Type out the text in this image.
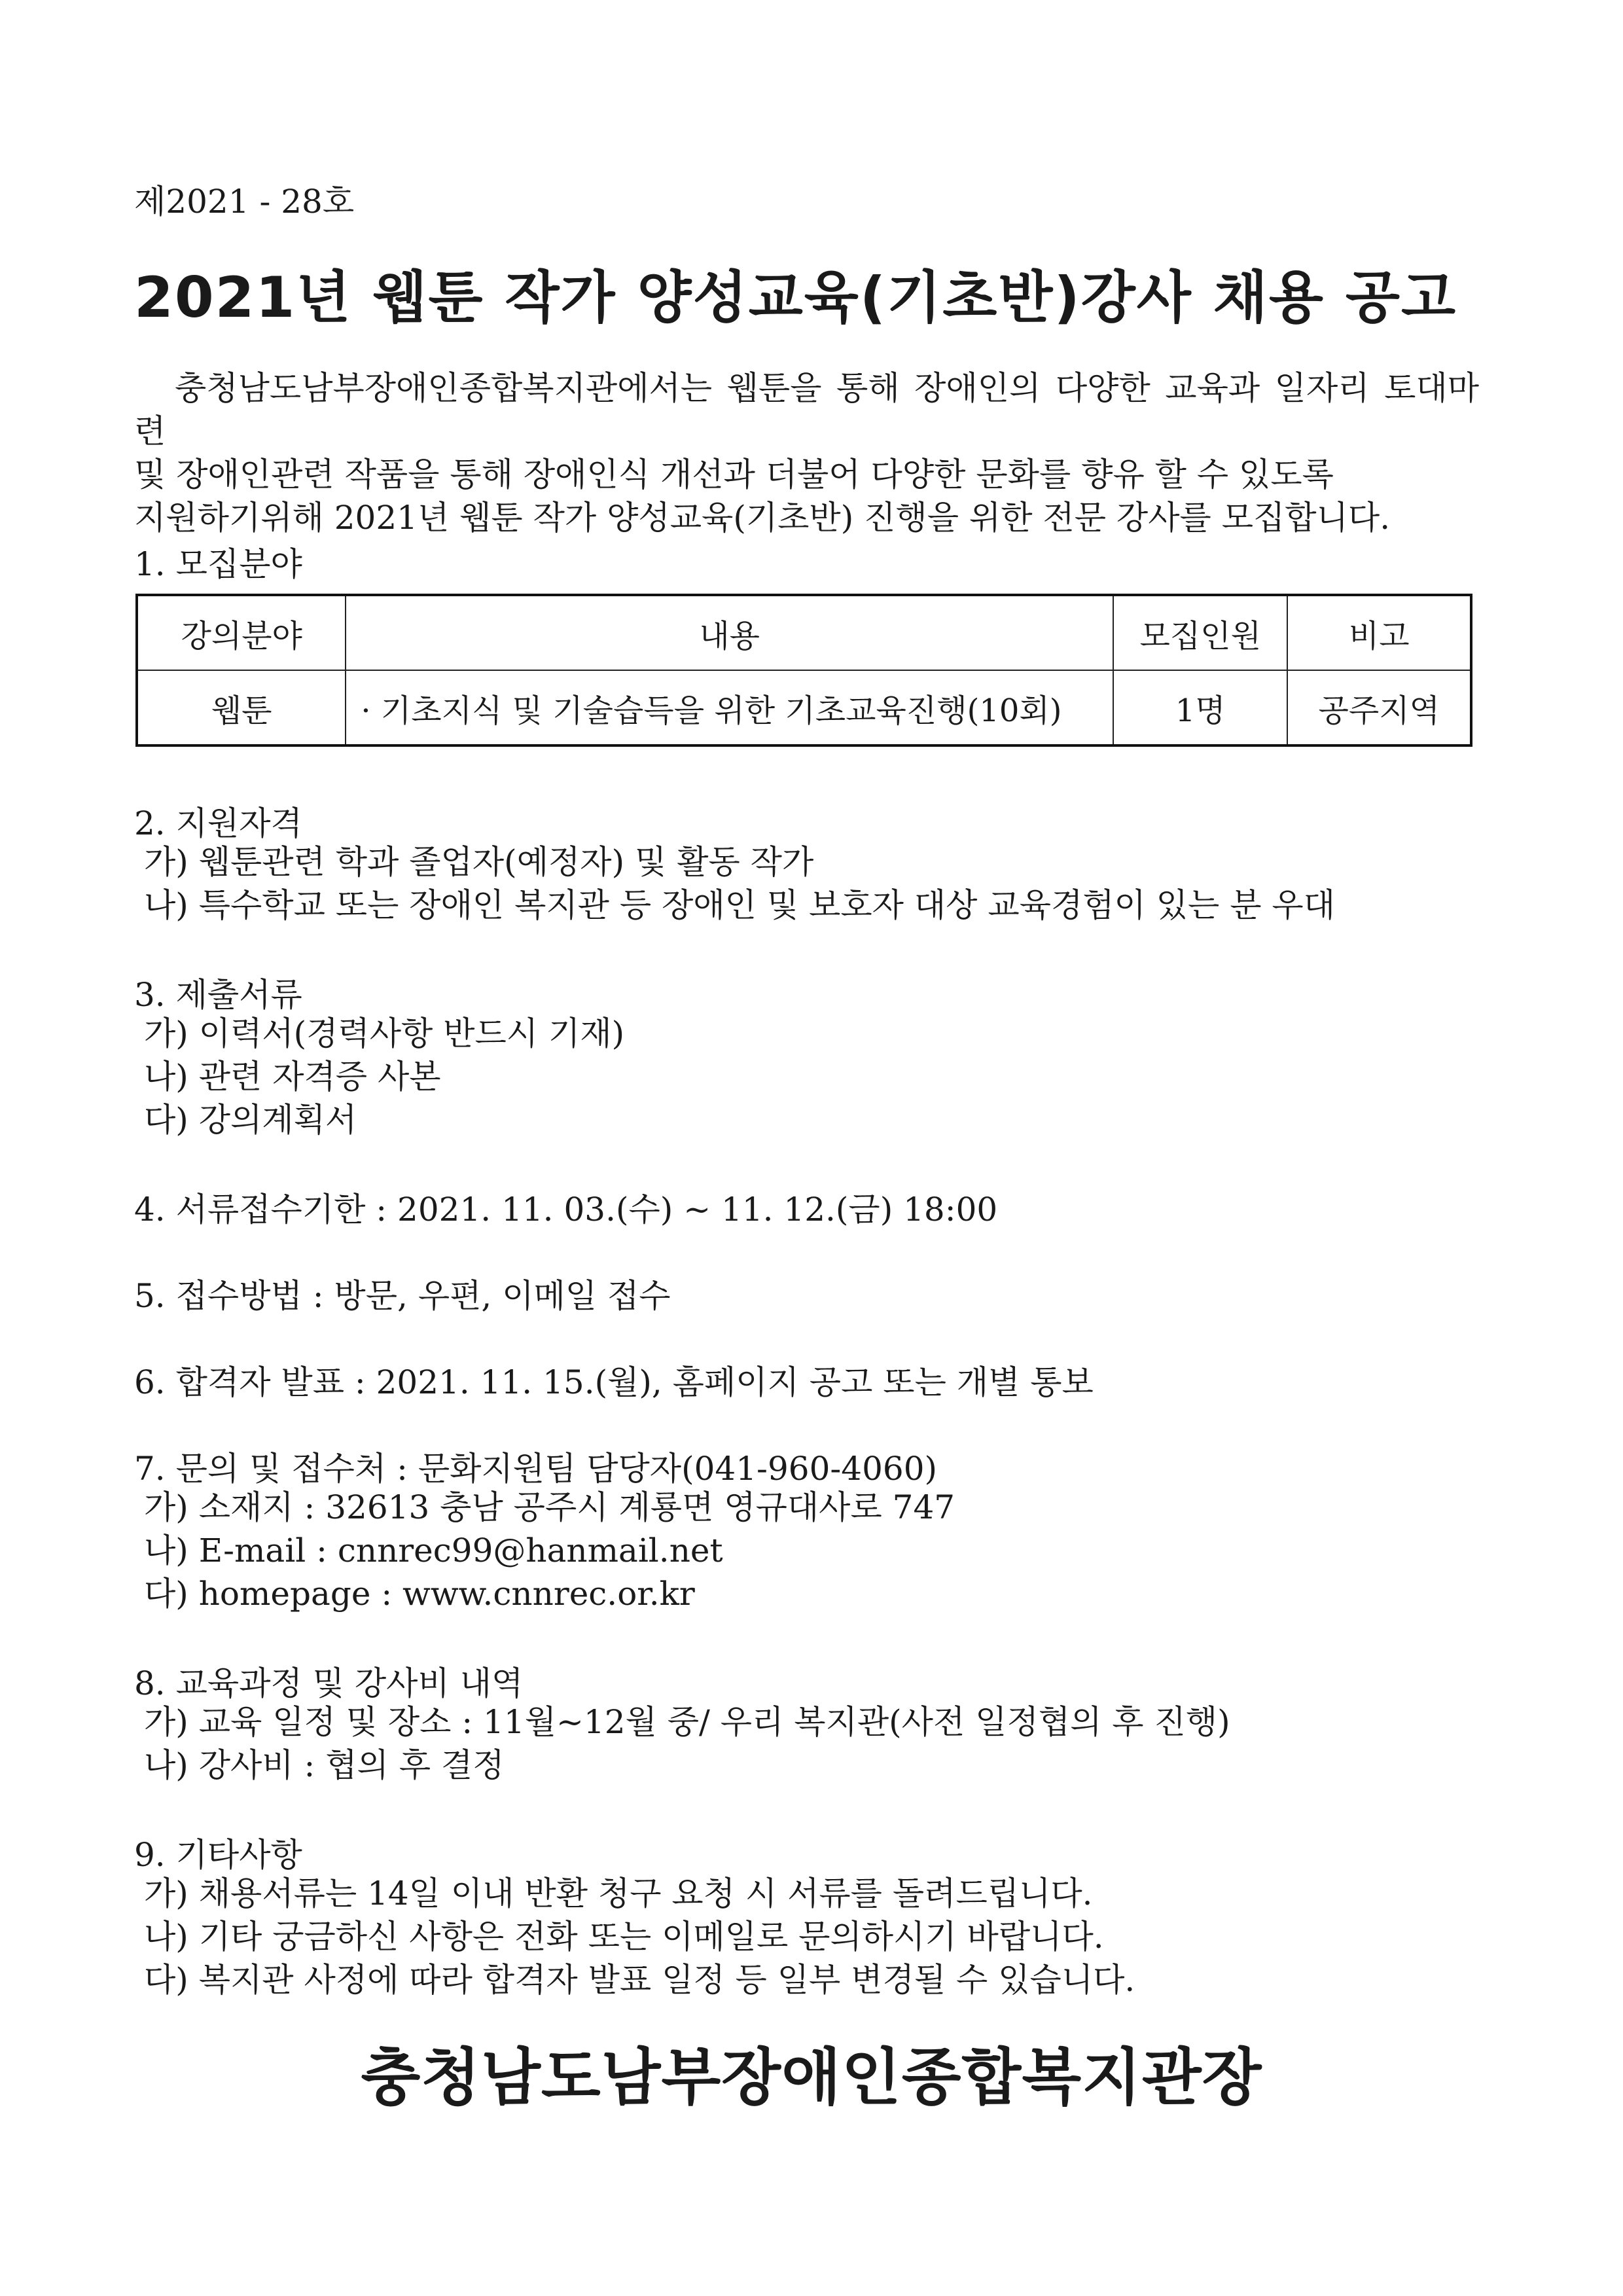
제2021 - 28호
2021년 웹툰 작가 양성교육(기초반)강사 채용 공고

충청남도남부장애인종합복지관에서는 웹툰을 통해 장애인의 다양한 교육과 일자리 토대마련
및 장애인관련 작품을 통해 장애인식 개선과 더불어 다양한 문화를 향유 할 수 있도록
지원하기위해 2021년 웹툰 작가 양성교육(기초반) 진행을 위한 전문 강사를 모집합니다.

1. 모집분야
강의분야	내용	모집인원	비고
웹툰	· 기초지식 및 기술습득을 위한 기초교육진행(10회)	1명	공주지역
2. 지원자격
가) 웹툰관련 학과 졸업자(예정자) 및 활동 작가
나) 특수학교 또는 장애인 복지관 등 장애인 및 보호자 대상 교육경험이 있는 분 우대
3. 제출서류
가) 이력서(경력사항 반드시 기재)
나) 관련 자격증 사본
다) 강의계획서
4. 서류접수기한 : 2021. 11. 03.(수) ~ 11. 12.(금) 18:00
5. 접수방법 : 방문, 우편, 이메일 접수
6. 합격자 발표 : 2021. 11. 15.(월), 홈페이지 공고 또는 개별 통보
7. 문의 및 접수처 : 문화지원팀 담당자(041-960-4060)
가) 소재지 : 32613 충남 공주시 계룡면 영규대사로 747
나) E-mail : cnnrec99@hanmail.net
다) homepage : www.cnnrec.or.kr
8. 교육과정 및 강사비 내역
가) 교육 일정 및 장소 : 11월~12월 중/ 우리 복지관(사전 일정협의 후 진행)
나) 강사비 : 협의 후 결정
9. 기타사항
가) 채용서류는 14일 이내 반환 청구 요청 시 서류를 돌려드립니다.
나) 기타 궁금하신 사항은 전화 또는 이메일로 문의하시기 바랍니다.
다) 복지관 사정에 따라 합격자 발표 일정 등 일부 변경될 수 있습니다.
충청남도남부장애인종합복지관장
